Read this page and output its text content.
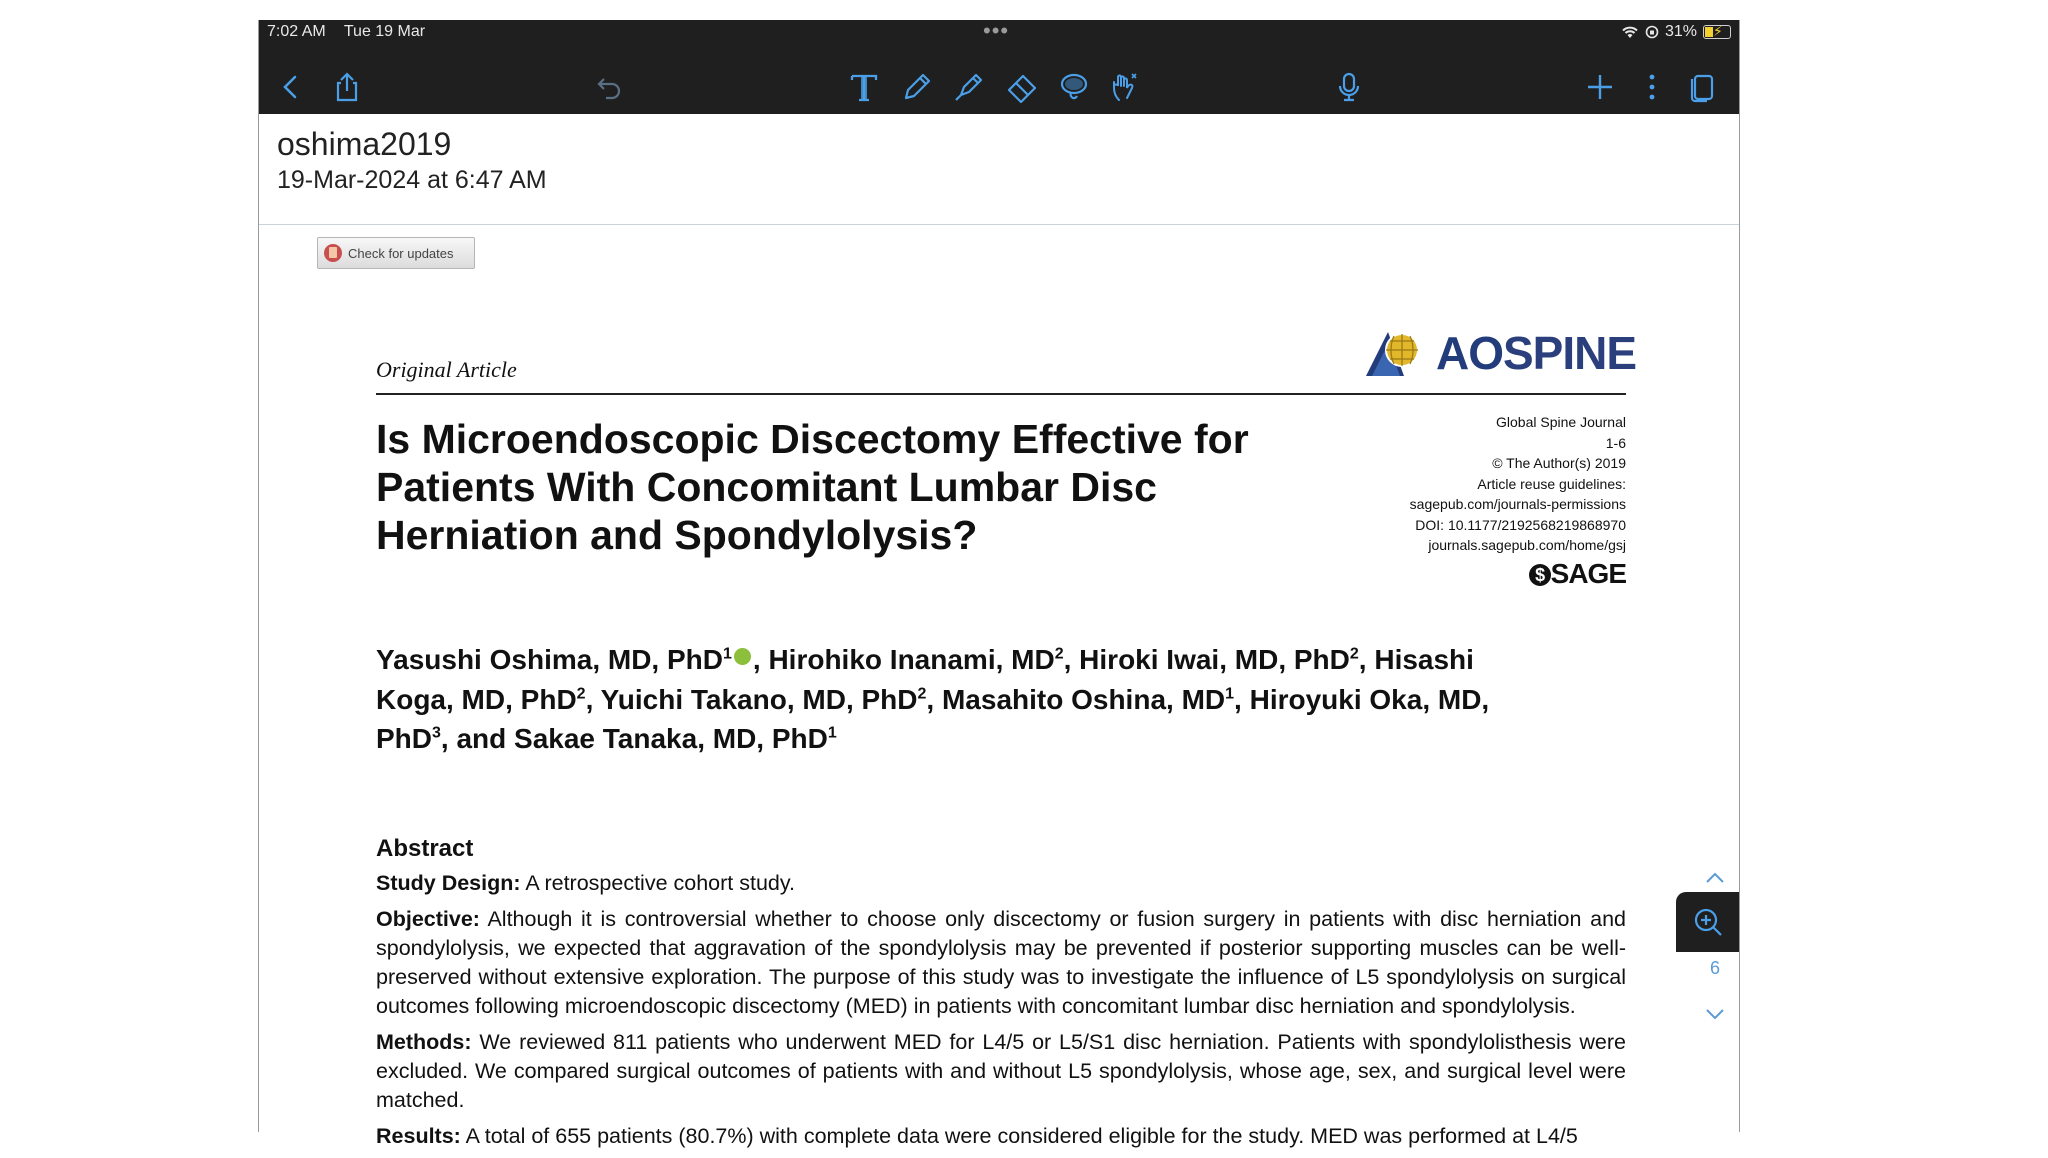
7:02 AM Tue 19 Mar	•••	31% ⚡
oshima2019
19-Mar-2024 at 6:47 AM
Check for updates
Original Article	AOSPINE
Global Spine Journal
1-6
© The Author(s) 2019
Article reuse guidelines:
sagepub.com/journals-permissions
DOI: 10.1177/2192568219868970
journals.sagepub.com/home/gsj
$ SAGE
Is Microendoscopic Discectomy Effective for Patients With Concomitant Lumbar Disc Herniation and Spondylolysis?
Yasushi Oshima, MD, PhD$^1$ , Hirohiko Inanami, $MD^2$, Hiroki Iwai, MD, PhD$^2$, Hisashi Koga, MD, PhD$^2$, Yuichi Takano, MD, PhD$^2$, Masahito Oshina, $MD^1$, Hiroyuki Oka, MD, PhD$^3$, and Sakae Tanaka, MD, PhD$^1$
Abstract

Study Design: A retrospective cohort study.

Objective: Although it is controversial whether to choose only discectomy or fusion surgery in patients with disc herniation and spondylolysis, we expected that aggravation of the spondylolysis may be prevented if posterior supporting muscles can be well-preserved without extensive exploration. The purpose of this study was to investigate the influence of L5 spondylolysis on surgical outcomes following microendoscopic discectomy (MED) in patients with concomitant lumbar disc herniation and spondylolysis.

Methods: We reviewed 811 patients who underwent MED for L4/5 or L5/S1 disc herniation. Patients with spondylolisthesis were excluded. We compared surgical outcomes of patients with and without L5 spondylolysis, whose age, sex, and surgical level were matched.

Results: A total of 655 patients (80.7%) with complete data were considered eligible for the study. MED was performed at L4/5

6
